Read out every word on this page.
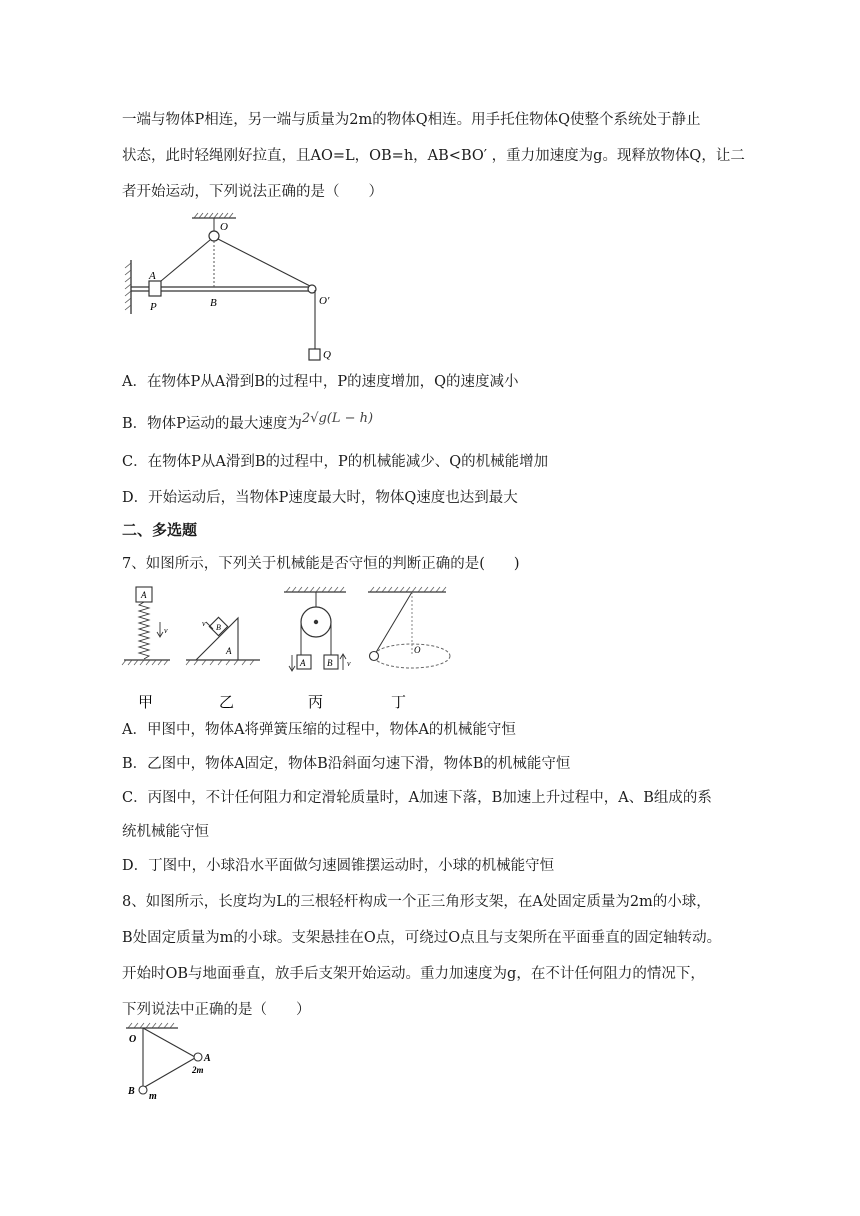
一端与物体P相连，另一端与质量为2m的物体Q相连。用手托住物体Q使整个系统处于静止
状态，此时轻绳刚好拉直，且AO=L，OB=h，AB<BO′ ，重力加速度为g。现释放物体Q，让二
者开始运动，下列说法正确的是（　　）
O
A
P	B	O′
Q
A．在物体P从A滑到B的过程中，P的速度增加，Q的速度减小
B．物体P运动的最大速度为2√g(L − h)
C．在物体P从A滑到B的过程中，P的机械能减少、Q的机械能增加
D．开始运动后，当物体P速度最大时，物体Q速度也达到最大
二、多选题
7、如图所示，下列关于机械能是否守恒的判断正确的是(　　)
A
v	B
A
v
A B v
O
甲	乙	丙	丁
A．甲图中，物体A将弹簧压缩的过程中，物体A的机械能守恒
B．乙图中，物体A固定，物体B沿斜面匀速下滑，物体B的机械能守恒
C．丙图中，不计任何阻力和定滑轮质量时，A加速下落，B加速上升过程中，A、B组成的系
统机械能守恒
D．丁图中，小球沿水平面做匀速圆锥摆运动时，小球的机械能守恒
8、如图所示，长度均为L的三根轻杆构成一个正三角形支架，在A处固定质量为2m的小球，
B处固定质量为m的小球。支架悬挂在O点，可绕过O点且与支架所在平面垂直的固定轴转动。
开始时OB与地面垂直，放手后支架开始运动。重力加速度为g，在不计任何阻力的情况下，
下列说法中正确的是（　　）
O
A
2m
B m
